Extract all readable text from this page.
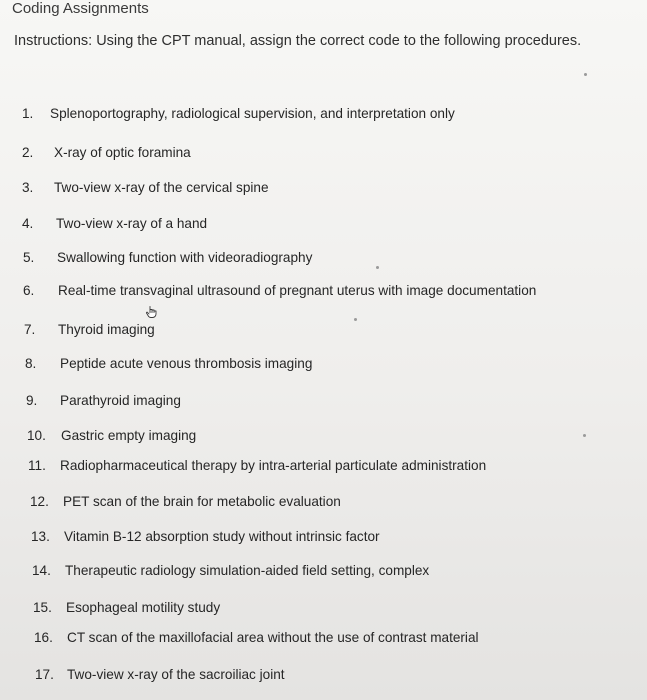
Coding Assignments
Instructions: Using the CPT manual, assign the correct code to the following procedures.
1. Splenoportography, radiological supervision, and interpretation only
2. X-ray of optic foramina
3. Two-view x-ray of the cervical spine
4. Two-view x-ray of a hand
5. Swallowing function with videoradiography
6. Real-time transvaginal ultrasound of pregnant uterus with image documentation
7. Thyroid imaging
8. Peptide acute venous thrombosis imaging
9. Parathyroid imaging
10. Gastric empty imaging
11. Radiopharmaceutical therapy by intra-arterial particulate administration
12. PET scan of the brain for metabolic evaluation
13. Vitamin B-12 absorption study without intrinsic factor
14. Therapeutic radiology simulation-aided field setting, complex
15. Esophageal motility study
16. CT scan of the maxillofacial area without the use of contrast material
17. Two-view x-ray of the sacroiliac joint
